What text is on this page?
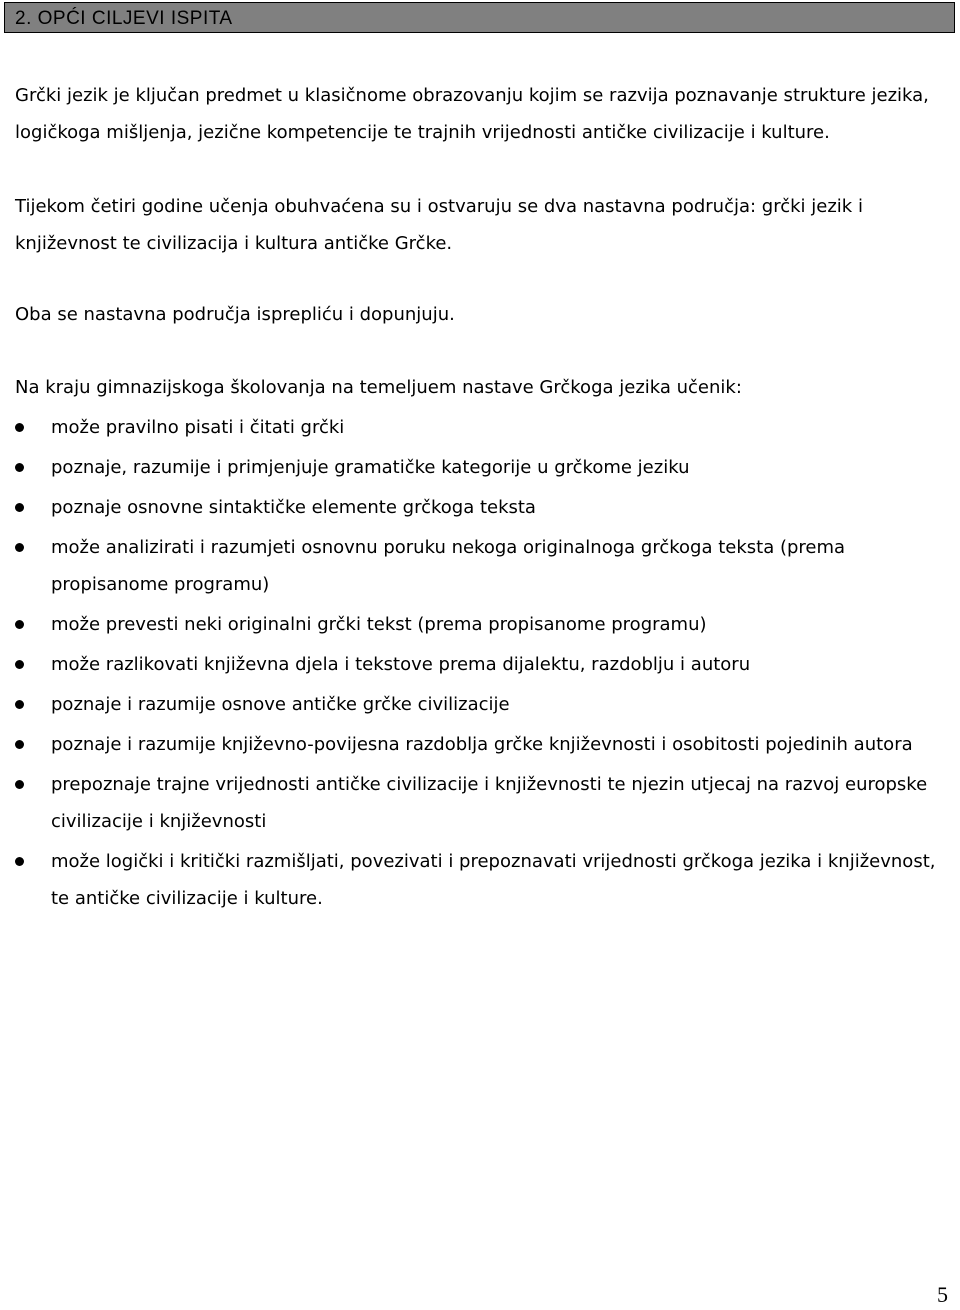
2. OPĆI CILJEVI ISPITA

Grčki jezik je ključan predmet u klasičnome obrazovanju kojim se razvija poznavanje strukture jezika, logičkoga mišljenja, jezične kompetencije te trajnih vrijednosti antičke civilizacije i kulture.

Tijekom četiri godine učenja obuhvaćena su i ostvaruju se dva nastavna područja: grčki jezik i književnost te civilizacija i kultura antičke Grčke.

Oba se nastavna područja isprepliću i dopunjuju.

Na kraju gimnazijskoga školovanja na temeljuem nastave Grčkoga jezika učenik:

može pravilno pisati i čitati grčki
poznaje, razumije i primjenjuje gramatičke kategorije u grčkome jeziku
poznaje osnovne sintaktičke elemente grčkoga teksta
može analizirati i razumjeti osnovnu poruku nekoga originalnoga grčkoga teksta (prema propisanome programu)
može prevesti neki originalni grčki tekst (prema propisanome programu)
može razlikovati književna djela i tekstove prema dijalektu, razdoblju i autoru
poznaje i razumije osnove antičke grčke civilizacije
poznaje i razumije književno-povijesna razdoblja grčke književnosti i osobitosti pojedinih autora
prepoznaje trajne vrijednosti antičke civilizacije i književnosti te njezin utjecaj na razvoj europske civilizacije i književnosti
može logički i kritički razmišljati, povezivati i prepoznavati vrijednosti grčkoga jezika i književnost, te antičke civilizacije i kulture.
5
